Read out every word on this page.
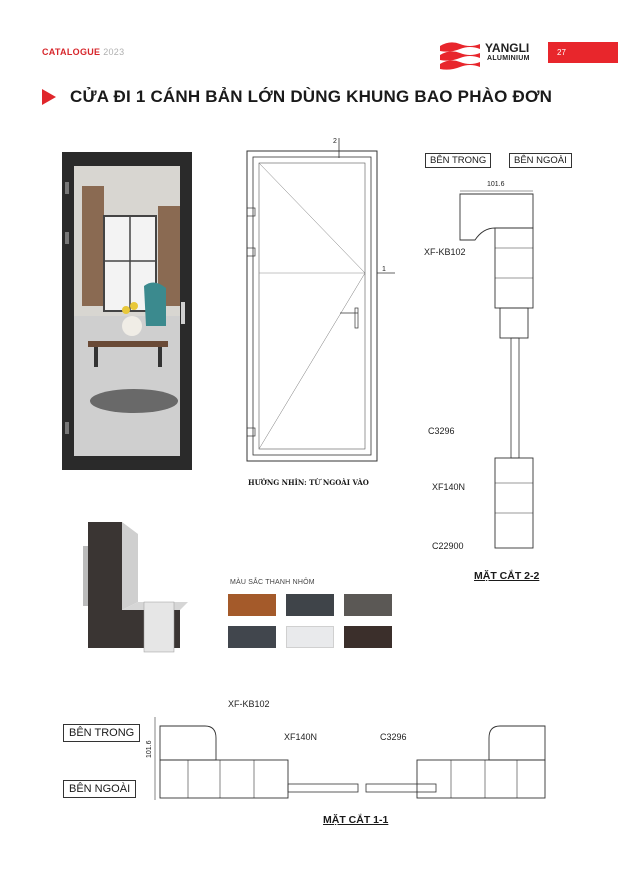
CATALOGUE 2023	YANGLI
ALUMINIUM
27
CỬA ĐI 1 CÁNH BẢN LỚN DÙNG KHUNG BAO PHÀO ĐƠN
2
1
HƯỚNG NHÌN: TỪ NGOÀI VÀO
BÊN TRONG	BÊN NGOÀI
101.6
XF-KB102
C3296
XF140N
C22900
MẶT CẮT 2-2
MÀU SẮC THANH NHÔM
BÊN TRONG
BÊN NGOÀI
101.6
XF-KB102
XF140N	C3296
MẶT CẮT 1-1
